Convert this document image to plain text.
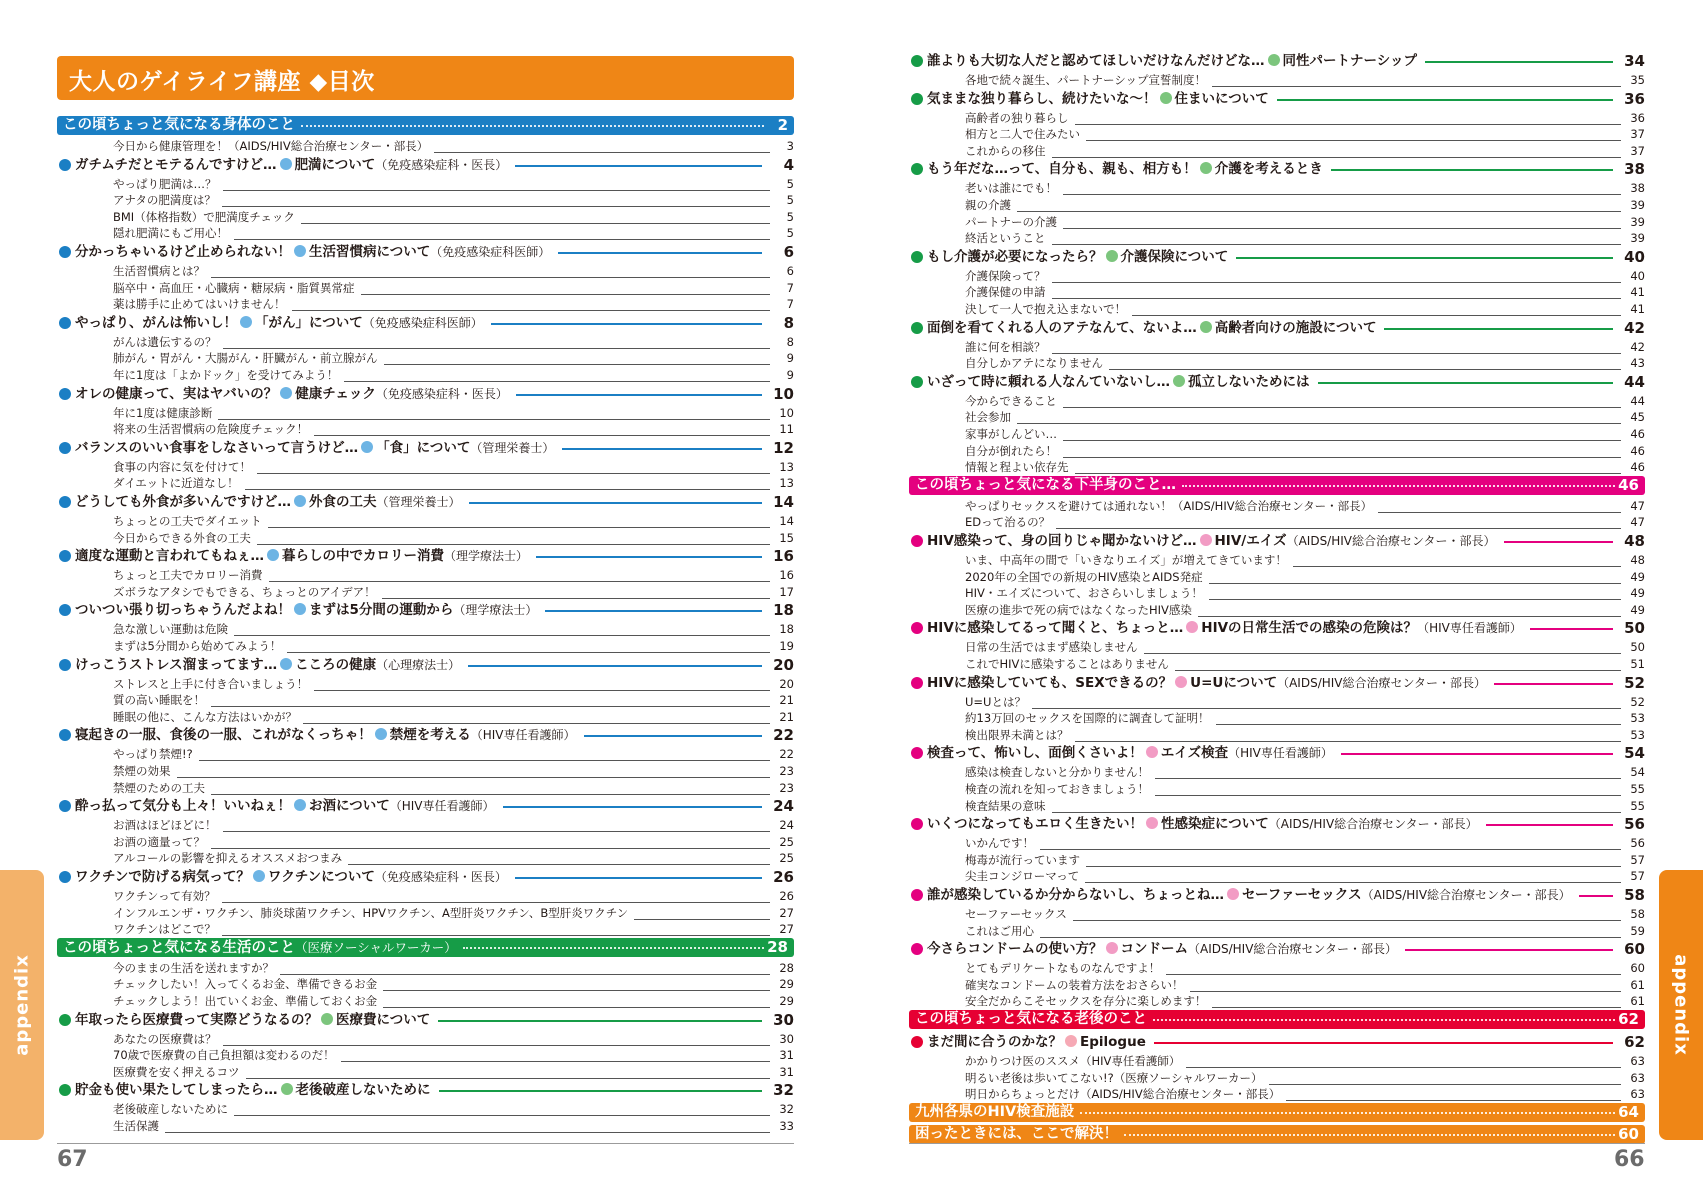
大人のゲイライフ講座 ◆目次
この頃ちょっと気になる身体のこと	2
今日から健康管理を！（AIDS/HIV総合治療センター・部長）	3
ガチムチだとモテるんですけど… 肥満について（免疫感染症科・医長）	4
やっぱり肥満は…？	5
アナタの肥満度は？	5
BMI（体格指数）で肥満度チェック	5
隠れ肥満にもご用心！	5
分かっちゃいるけど止められない！ 生活習慣病について（免疫感染症科医師）	6
生活習慣病とは？	6
脳卒中・高血圧・心臓病・糖尿病・脂質異常症	7
薬は勝手に止めてはいけません！	7
やっぱり、がんは怖いし！ 「がん」について（免疫感染症科医師）	8
がんは遺伝するの？	8
肺がん・胃がん・大腸がん・肝臓がん・前立腺がん	9
年に1度は「よかドック」を受けてみよう！	9
オレの健康って、実はヤバいの？ 健康チェック（免疫感染症科・医長）	10
年に1度は健康診断	10
将来の生活習慣病の危険度チェック！	11
バランスのいい食事をしなさいって言うけど… 「食」について（管理栄養士）	12
食事の内容に気を付けて！	13
ダイエットに近道なし！	13
どうしても外食が多いんですけど… 外食の工夫（管理栄養士）	14
ちょっとの工夫でダイエット	14
今日からできる外食の工夫	15
適度な運動と言われてもねぇ… 暮らしの中でカロリー消費（理学療法士）	16
ちょっと工夫でカロリー消費	16
ズボラなアタシでもできる、ちょっとのアイデア！	17
ついつい張り切っちゃうんだよね！ まずは5分間の運動から（理学療法士）	18
急な激しい運動は危険	18
まずは5分間から始めてみよう！	19
けっこうストレス溜まってます… こころの健康（心理療法士）	20
ストレスと上手に付き合いましょう！	20
質の高い睡眠を！	21
睡眠の他に、こんな方法はいかが？	21
寝起きの一服、食後の一服、これがなくっちゃ！ 禁煙を考える（HIV専任看護師）	22
やっぱり禁煙!?	22
禁煙の効果	23
禁煙のための工夫	23
酔っ払って気分も上々！いいねぇ！ お酒について（HIV専任看護師）	24
お酒はほどほどに！	24
お酒の適量って？	25
アルコールの影響を抑えるオススメおつまみ	25
ワクチンで防げる病気って？ ワクチンについて（免疫感染症科・医長）	26
ワクチンって有効？	26
インフルエンザ・ワクチン、肺炎球菌ワクチン、HPVワクチン、A型肝炎ワクチン、B型肝炎ワクチン	27
ワクチンはどこで？	27
この頃ちょっと気になる生活のこと（医療ソーシャルワーカー）	28
今のままの生活を送れますか？	28
チェックしたい！入ってくるお金、準備できるお金	29
チェックしよう！出ていくお金、準備しておくお金	29
年取ったら医療費って実際どうなるの？ 医療費について	30
あなたの医療費は？	30
70歳で医療費の自己負担額は変わるのだ！	31
医療費を安く押えるコツ	31
貯金も使い果たしてしまったら… 老後破産しないために	32
老後破産しないために	32
生活保護	33
誰よりも大切な人だと認めてほしいだけなんだけどな… 同性パートナーシップ	34
各地で続々誕生、パートナーシップ宣誓制度！	35
気ままな独り暮らし、続けたいな～！ 住まいについて	36
高齢者の独り暮らし	36
相方と二人で住みたい	37
これからの移住	37
もう年だな…って、自分も、親も、相方も！ 介護を考えるとき	38
老いは誰にでも！	38
親の介護	39
パートナーの介護	39
終活ということ	39
もし介護が必要になったら？ 介護保険について	40
介護保険って？	40
介護保健の申請	41
決して一人で抱え込まないで！	41
面倒を看てくれる人のアテなんて、ないよ… 高齢者向けの施設について	42
誰に何を相談？	42
自分しかアテになりません	43
いざって時に頼れる人なんていないし… 孤立しないためには	44
今からできること	44
社会参加	45
家事がしんどい…	46
自分が倒れたら！	46
情報と程よい依存先	46
この頃ちょっと気になる下半身のこと…	46
やっぱりセックスを避けては通れない！（AIDS/HIV総合治療センター・部長）	47
EDって治るの？	47
HIV感染って、身の回りじゃ聞かないけど… HIV/エイズ（AIDS/HIV総合治療センター・部長）	48
いま、中高年の間で「いきなりエイズ」が増えてきています！	48
2020年の全国での新規のHIV感染とAIDS発症	49
HIV・エイズについて、おさらいしましょう！	49
医療の進歩で死の病ではなくなったHIV感染	49
HIVに感染してるって聞くと、ちょっと… HIVの日常生活での感染の危険は？（HIV専任看護師）	50
日常の生活ではまず感染しません	50
これでHIVに感染することはありません	51
HIVに感染していても、SEXできるの？ U=Uについて（AIDS/HIV総合治療センター・部長）	52
U=Uとは？	52
約13万回のセックスを国際的に調査して証明！	53
検出限界未満とは？	53
検査って、怖いし、面倒くさいよ！ エイズ検査（HIV専任看護師）	54
感染は検査しないと分かりません！	54
検査の流れを知っておきましょう！	55
検査結果の意味	55
いくつになってもエロく生きたい！ 性感染症について（AIDS/HIV総合治療センター・部長）	56
いかんです！	56
梅毒が流行っています	57
尖圭コンジローマって	57
誰が感染しているか分からないし、ちょっとね… セーファーセックス（AIDS/HIV総合治療センター・部長）	58
セーファーセックス	58
これはご用心	59
今さらコンドームの使い方？ コンドーム（AIDS/HIV総合治療センター・部長）	60
とてもデリケートなものなんですよ！	60
確実なコンドームの装着方法をおさらい！	61
安全だからこそセックスを存分に楽しめます！	61
この頃ちょっと気になる老後のこと	62
まだ間に合うのかな？ Epilogue	62
かかりつけ医のススメ（HIV専任看護師）	63
明るい老後は歩いてこない!?（医療ソーシャルワーカー）	63
明日からちょっとだけ（AIDS/HIV総合治療センター・部長）	63
九州各県のHIV検査施設	64
困ったときには、ここで解決！	60
appendix	appendix
67	66
